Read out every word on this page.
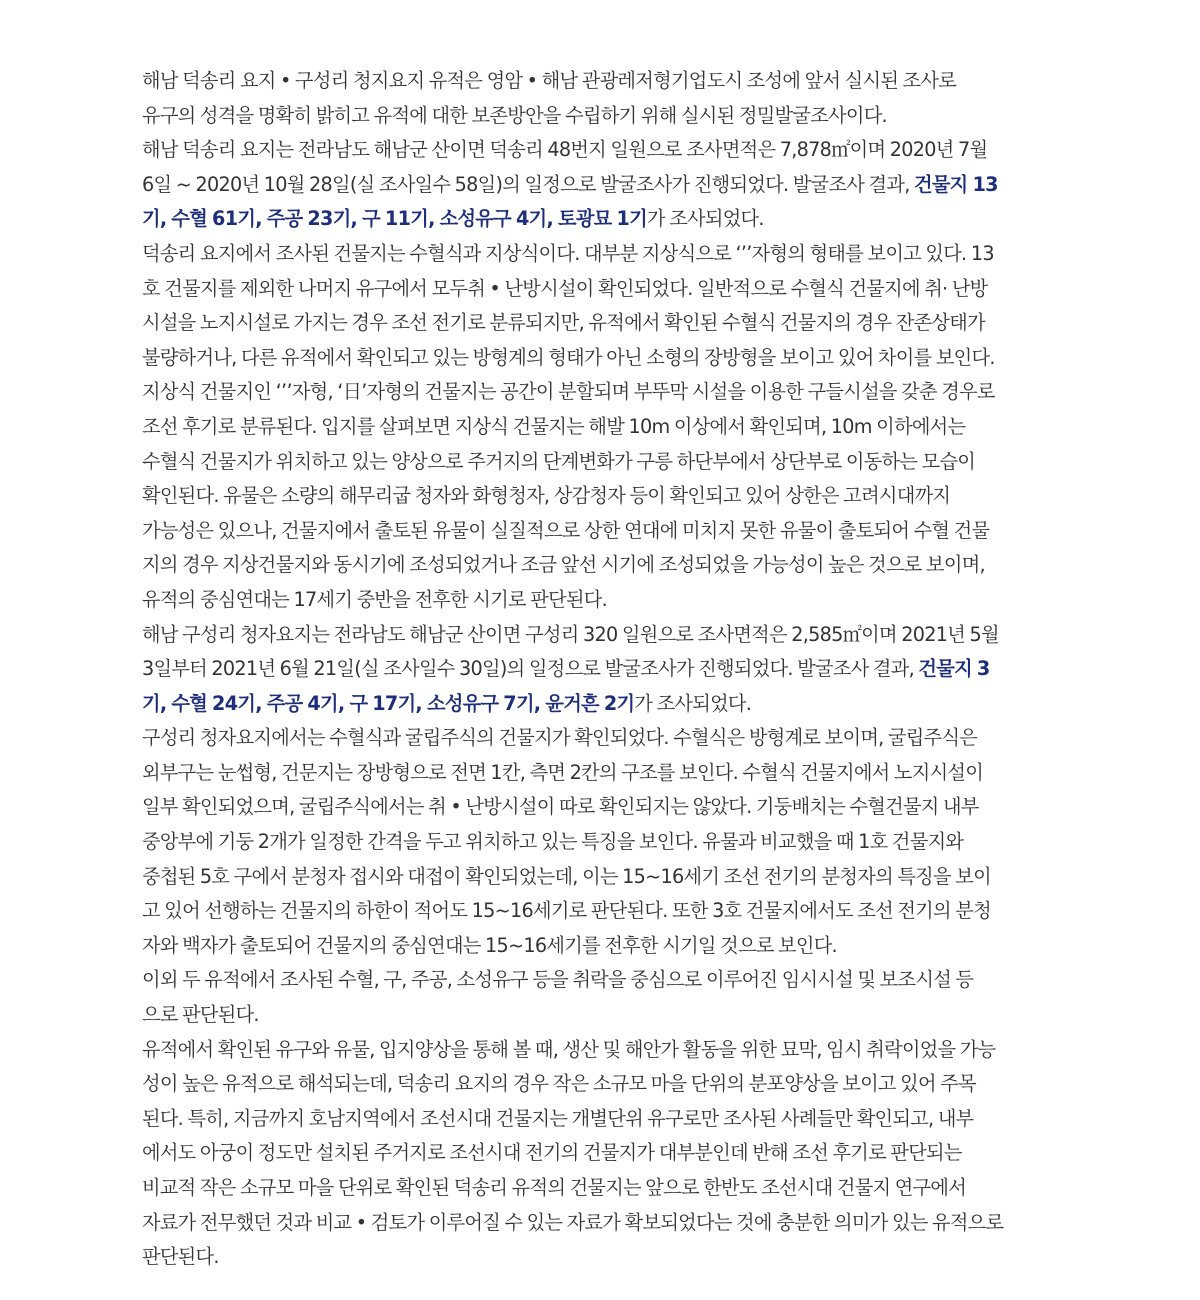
해남 덕송리 요지 • 구성리 청지요지 유적은 영암 • 해남 관광레저형기업도시 조성에 앞서 실시된 조사로
유구의 성격을 명확히 밝히고 유적에 대한 보존방안을 수립하기 위해 실시된 정밀발굴조사이다.
해남 덕송리 요지는 전라남도 해남군 산이면 덕송리 48번지 일원으로 조사면적은 7,878㎡이며 2020년 7월
6일 ~ 2020년 10월 28일(실 조사일수 58일)의 일정으로 발굴조사가 진행되었다. 발굴조사 결과, 건물지 13
기, 수혈 61기, 주공 23기, 구 11기, 소성유구 4기, 토광묘 1기가 조사되었다.
덕송리 요지에서 조사된 건물지는 수혈식과 지상식이다. 대부분 지상식으로 ‘’’자형의 형태를 보이고 있다. 13
호 건물지를 제외한 나머지 유구에서 모두취 • 난방시설이 확인되었다. 일반적으로 수혈식 건물지에 취· 난방
시설을 노지시설로 가지는 경우 조선 전기로 분류되지만, 유적에서 확인된 수혈식 건물지의 경우 잔존상태가
불량하거나, 다른 유적에서 확인되고 있는 방형계의 형태가 아닌 소형의 장방형을 보이고 있어 차이를 보인다.
지상식 건물지인 ‘’’자형, ‘日’자형의 건물지는 공간이 분할되며 부뚜막 시설을 이용한 구들시설을 갖춘 경우로
조선 후기로 분류된다. 입지를 살펴보면 지상식 건물지는 해발 10m 이상에서 확인되며, 10m 이하에서는
수혈식 건물지가 위치하고 있는 양상으로 주거지의 단계변화가 구릉 하단부에서 상단부로 이동하는 모습이
확인된다. 유물은 소량의 해무리굽 청자와 화형청자, 상감청자 등이 확인되고 있어 상한은 고려시대까지
가능성은 있으나, 건물지에서 출토된 유물이 실질적으로 상한 연대에 미치지 못한 유물이 출토되어 수혈 건물
지의 경우 지상건물지와 동시기에 조성되었거나 조금 앞선 시기에 조성되었을 가능성이 높은 것으로 보이며,
유적의 중심연대는 17세기 중반을 전후한 시기로 판단된다.
해남 구성리 청자요지는 전라남도 해남군 산이면 구성리 320 일원으로 조사면적은 2,585㎡이며 2021년 5월
3일부터 2021년 6월 21일(실 조사일수 30일)의 일정으로 발굴조사가 진행되었다. 발굴조사 결과, 건물지 3
기, 수혈 24기, 주공 4기, 구 17기, 소성유구 7기, 윤거흔 2기가 조사되었다.
구성리 청자요지에서는 수혈식과 굴립주식의 건물지가 확인되었다. 수혈식은 방형계로 보이며, 굴립주식은
외부구는 눈썹형, 건문지는 장방형으로 전면 1칸, 측면 2칸의 구조를 보인다. 수혈식 건물지에서 노지시설이
일부 확인되었으며, 굴립주식에서는 취 • 난방시설이 따로 확인되지는 않았다. 기둥배치는 수혈건물지 내부
중앙부에 기둥 2개가 일정한 간격을 두고 위치하고 있는 특징을 보인다. 유물과 비교했을 때 1호 건물지와
중첩된 5호 구에서 분청자 접시와 대접이 확인되었는데, 이는 15~16세기 조선 전기의 분청자의 특징을 보이
고 있어 선행하는 건물지의 하한이 적어도 15~16세기로 판단된다. 또한 3호 건물지에서도 조선 전기의 분청
자와 백자가 출토되어 건물지의 중심연대는 15~16세기를 전후한 시기일 것으로 보인다.
이외 두 유적에서 조사된 수혈, 구, 주공, 소성유구 등을 취락을 중심으로 이루어진 임시시설 및 보조시설 등
으로 판단된다.
유적에서 확인된 유구와 유물, 입지양상을 통해 볼 때, 생산 및 해안가 활동을 위한 묘막, 임시 취락이었을 가능
성이 높은 유적으로 해석되는데, 덕송리 요지의 경우 작은 소규모 마을 단위의 분포양상을 보이고 있어 주목
된다. 특히, 지금까지 호남지역에서 조선시대 건물지는 개별단위 유구로만 조사된 사례들만 확인되고, 내부
에서도 아궁이 정도만 설치된 주거지로 조선시대 전기의 건물지가 대부분인데 반해 조선 후기로 판단되는
비교적 작은 소규모 마을 단위로 확인된 덕송리 유적의 건물지는 앞으로 한반도 조선시대 건물지 연구에서
자료가 전무했던 것과 비교 • 검토가 이루어질 수 있는 자료가 확보되었다는 것에 충분한 의미가 있는 유적으로
판단된다.
